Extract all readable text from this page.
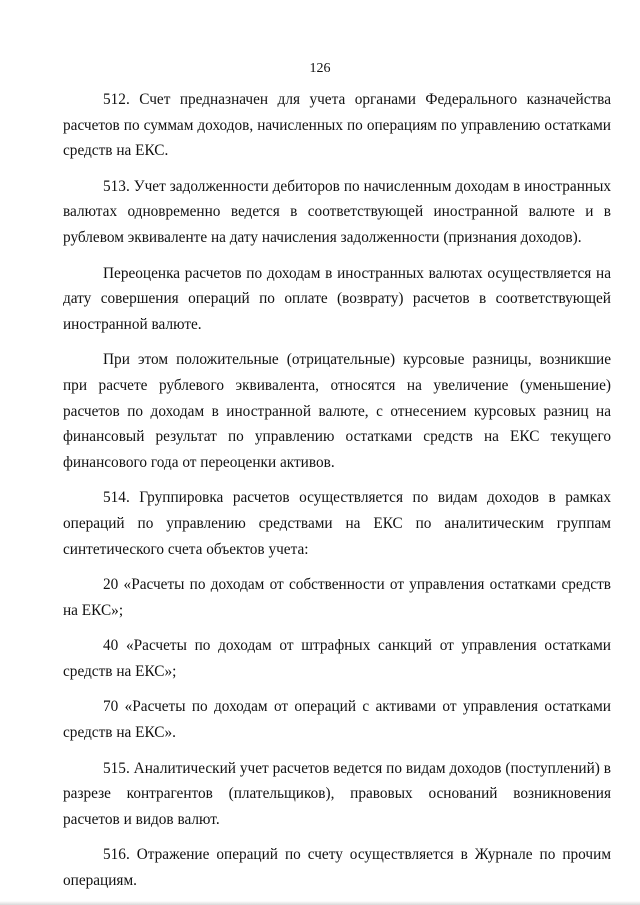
126

512. Счет предназначен для учета органами Федерального казначейства расчетов по суммам доходов, начисленных по операциям по управлению остатками средств на ЕКС.

513. Учет задолженности дебиторов по начисленным доходам в иностранных валютах одновременно ведется в соответствующей иностранной валюте и в рублевом эквиваленте на дату начисления задолженности (признания доходов).

Переоценка расчетов по доходам в иностранных валютах осуществляется на дату совершения операций по оплате (возврату) расчетов в соответствующей иностранной валюте.

При этом положительные (отрицательные) курсовые разницы, возникшие при расчете рублевого эквивалента, относятся на увеличение (уменьшение) расчетов по доходам в иностранной валюте, с отнесением курсовых разниц на финансовый результат по управлению остатками средств на ЕКС текущего финансового года от переоценки активов.

514. Группировка расчетов осуществляется по видам доходов в рамках операций по управлению средствами на ЕКС по аналитическим группам синтетического счета объектов учета:

20 «Расчеты по доходам от собственности от управления остатками средств на ЕКС»;

40 «Расчеты по доходам от штрафных санкций от управления остатками средств на ЕКС»;

70 «Расчеты по доходам от операций с активами от управления остатками средств на ЕКС».

515. Аналитический учет расчетов ведется по видам доходов (поступлений) в разрезе контрагентов (плательщиков), правовых оснований возникновения расчетов и видов валют.

516. Отражение операций по счету осуществляется в Журнале по прочим операциям.
